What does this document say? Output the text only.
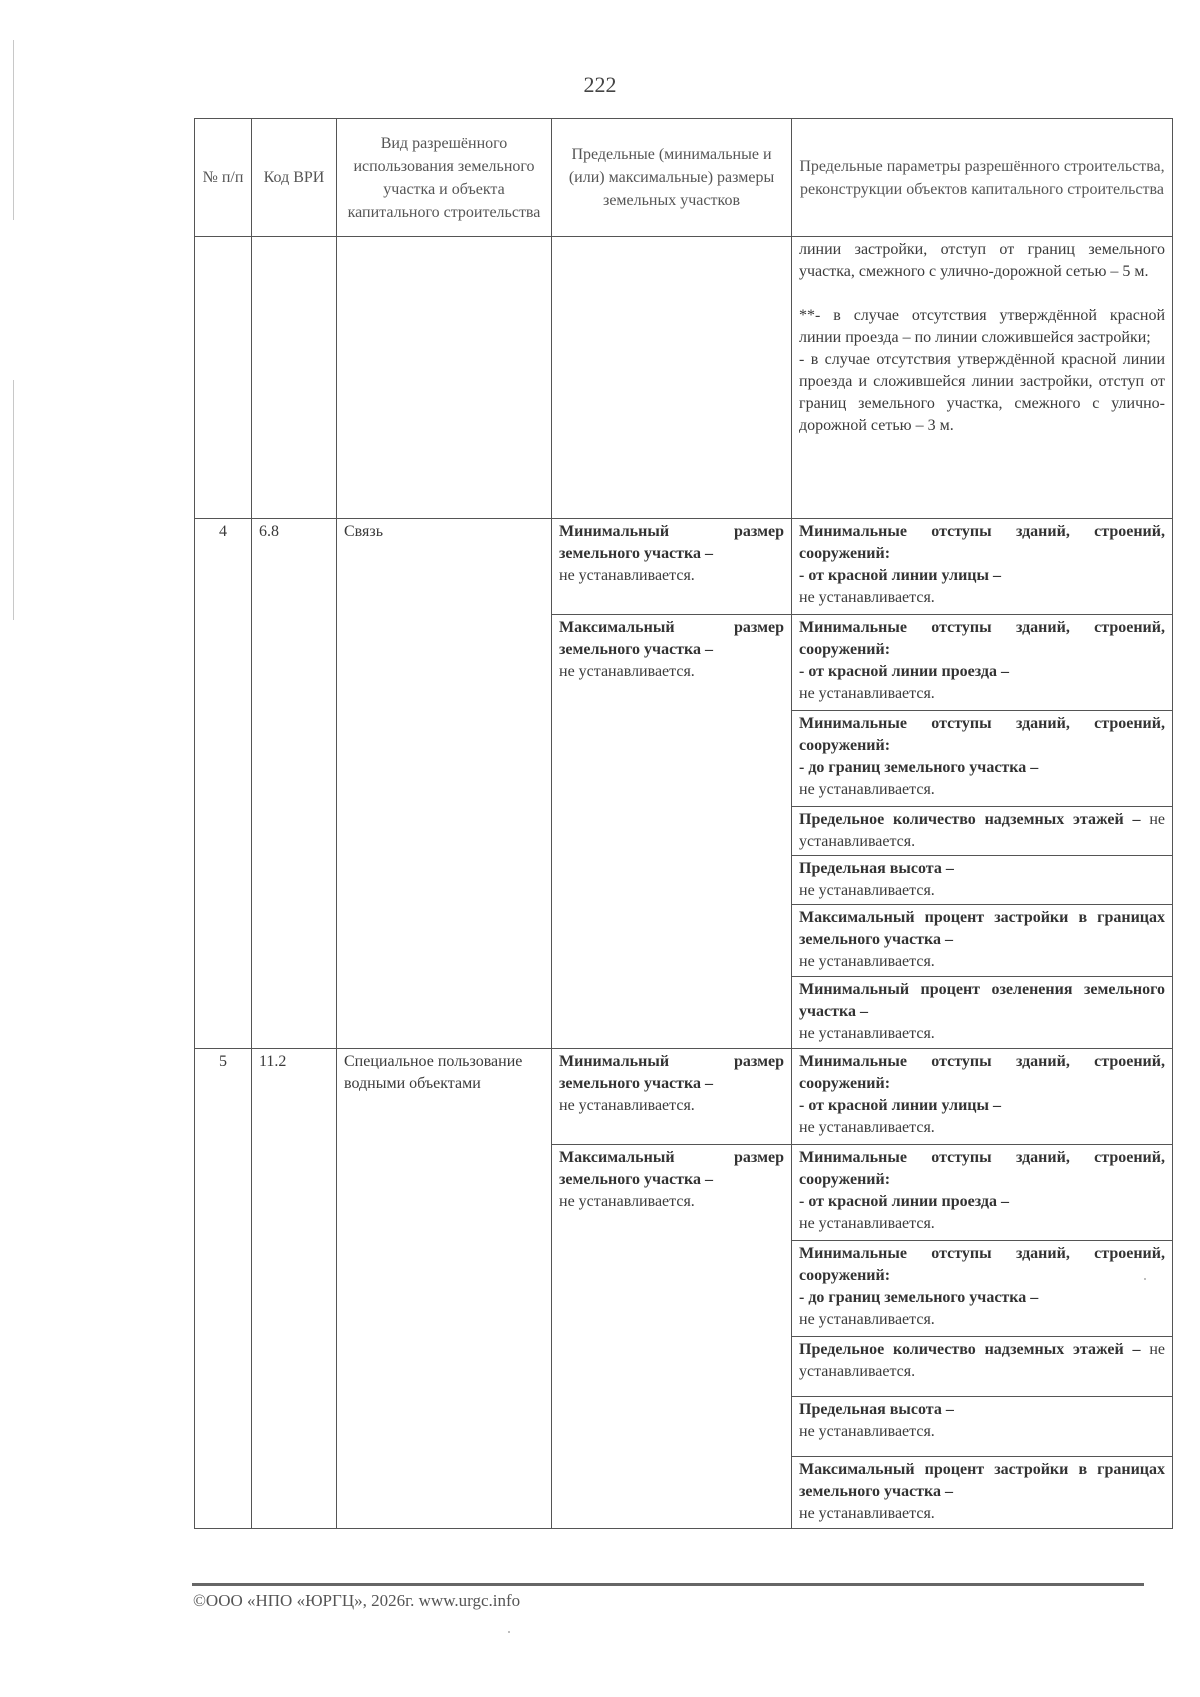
222
№ п/п	Код ВРИ	Вид разрешённого использования земельного участка и объекта капитального строительства	Предельные (минимальные и (или) максимальные) размеры земельных участков	Предельные параметры разрешённого строительства, реконструкции объектов капитального строительства

				линии застройки, отступ от границ земельного участка, смежного с улично-дорожной сетью – 5 м.
**- в случае отсутствия утверждённой красной линии проезда – по линии сложившейся застройки;
- в случае отсутствия утверждённой красной линии проезда и сложившейся линии застройки, отступ от границ земельного участка, смежного с улично-дорожной сетью – 3 м.

4	6.8	Связь	Минимальный размер земельного участка –
не устанавливается.	Минимальные отступы зданий, строений, сооружений:
- от красной линии улицы –
не устанавливается.
			Максимальный размер земельного участка –
не устанавливается.	Минимальные отступы зданий, строений, сооружений:
- от красной линии проезда –
не устанавливается.
				Минимальные отступы зданий, строений, сооружений:
- до границ земельного участка –
не устанавливается.
				Предельное количество надземных этажей – не устанавливается.
				Предельная высота –
не устанавливается.
				Максимальный процент застройки в границах земельного участка –
не устанавливается.
				Минимальный процент озеленения земельного участка –
не устанавливается.
5	11.2	Специальное пользование водными объектами	Минимальный размер земельного участка –
не устанавливается.	Минимальные отступы зданий, строений, сооружений:
- от красной линии улицы –
не устанавливается.
			Максимальный размер земельного участка –
не устанавливается.	Минимальные отступы зданий, строений, сооружений:
- от красной линии проезда –
не устанавливается.
				Минимальные отступы зданий, строений, сооружений:
- до границ земельного участка –
не устанавливается.
				Предельное количество надземных этажей – не устанавливается.
				Предельная высота –
не устанавливается.
				Максимальный процент застройки в границах земельного участка –
не устанавливается.
©ООО «НПО «ЮРГЦ», 2026г. www.urgc.info
